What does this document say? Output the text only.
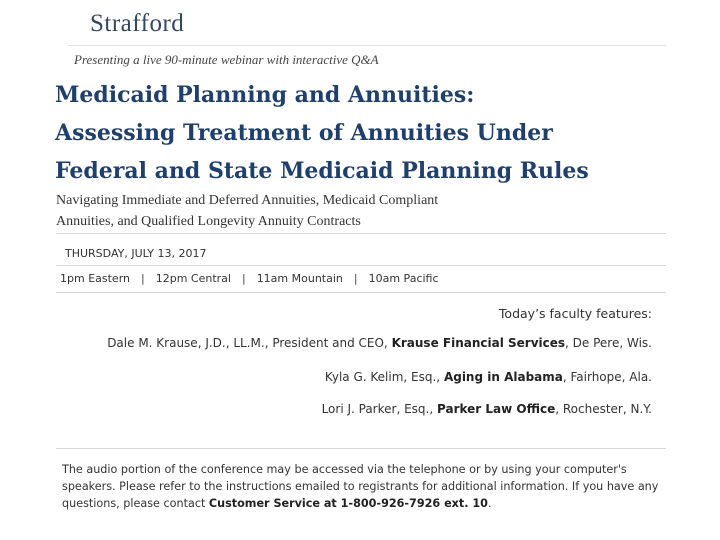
Strafford
Presenting a live 90-minute webinar with interactive Q&A
Medicaid Planning and Annuities:
Assessing Treatment of Annuities Under
Federal and State Medicaid Planning Rules
Navigating Immediate and Deferred Annuities, Medicaid Compliant
Annuities, and Qualified Longevity Annuity Contracts
THURSDAY, JULY 13, 2017
1pm Eastern | 12pm Central | 11am Mountain | 10am Pacific
Today’s faculty features:
Dale M. Krause, J.D., LL.M., President and CEO, Krause Financial Services, De Pere, Wis.
Kyla G. Kelim, Esq., Aging in Alabama, Fairhope, Ala.
Lori J. Parker, Esq., Parker Law Office, Rochester, N.Y.
The audio portion of the conference may be accessed via the telephone or by using your computer's speakers. Please refer to the instructions emailed to registrants for additional information. If you have any questions, please contact Customer Service at 1-800-926-7926 ext. 10.
